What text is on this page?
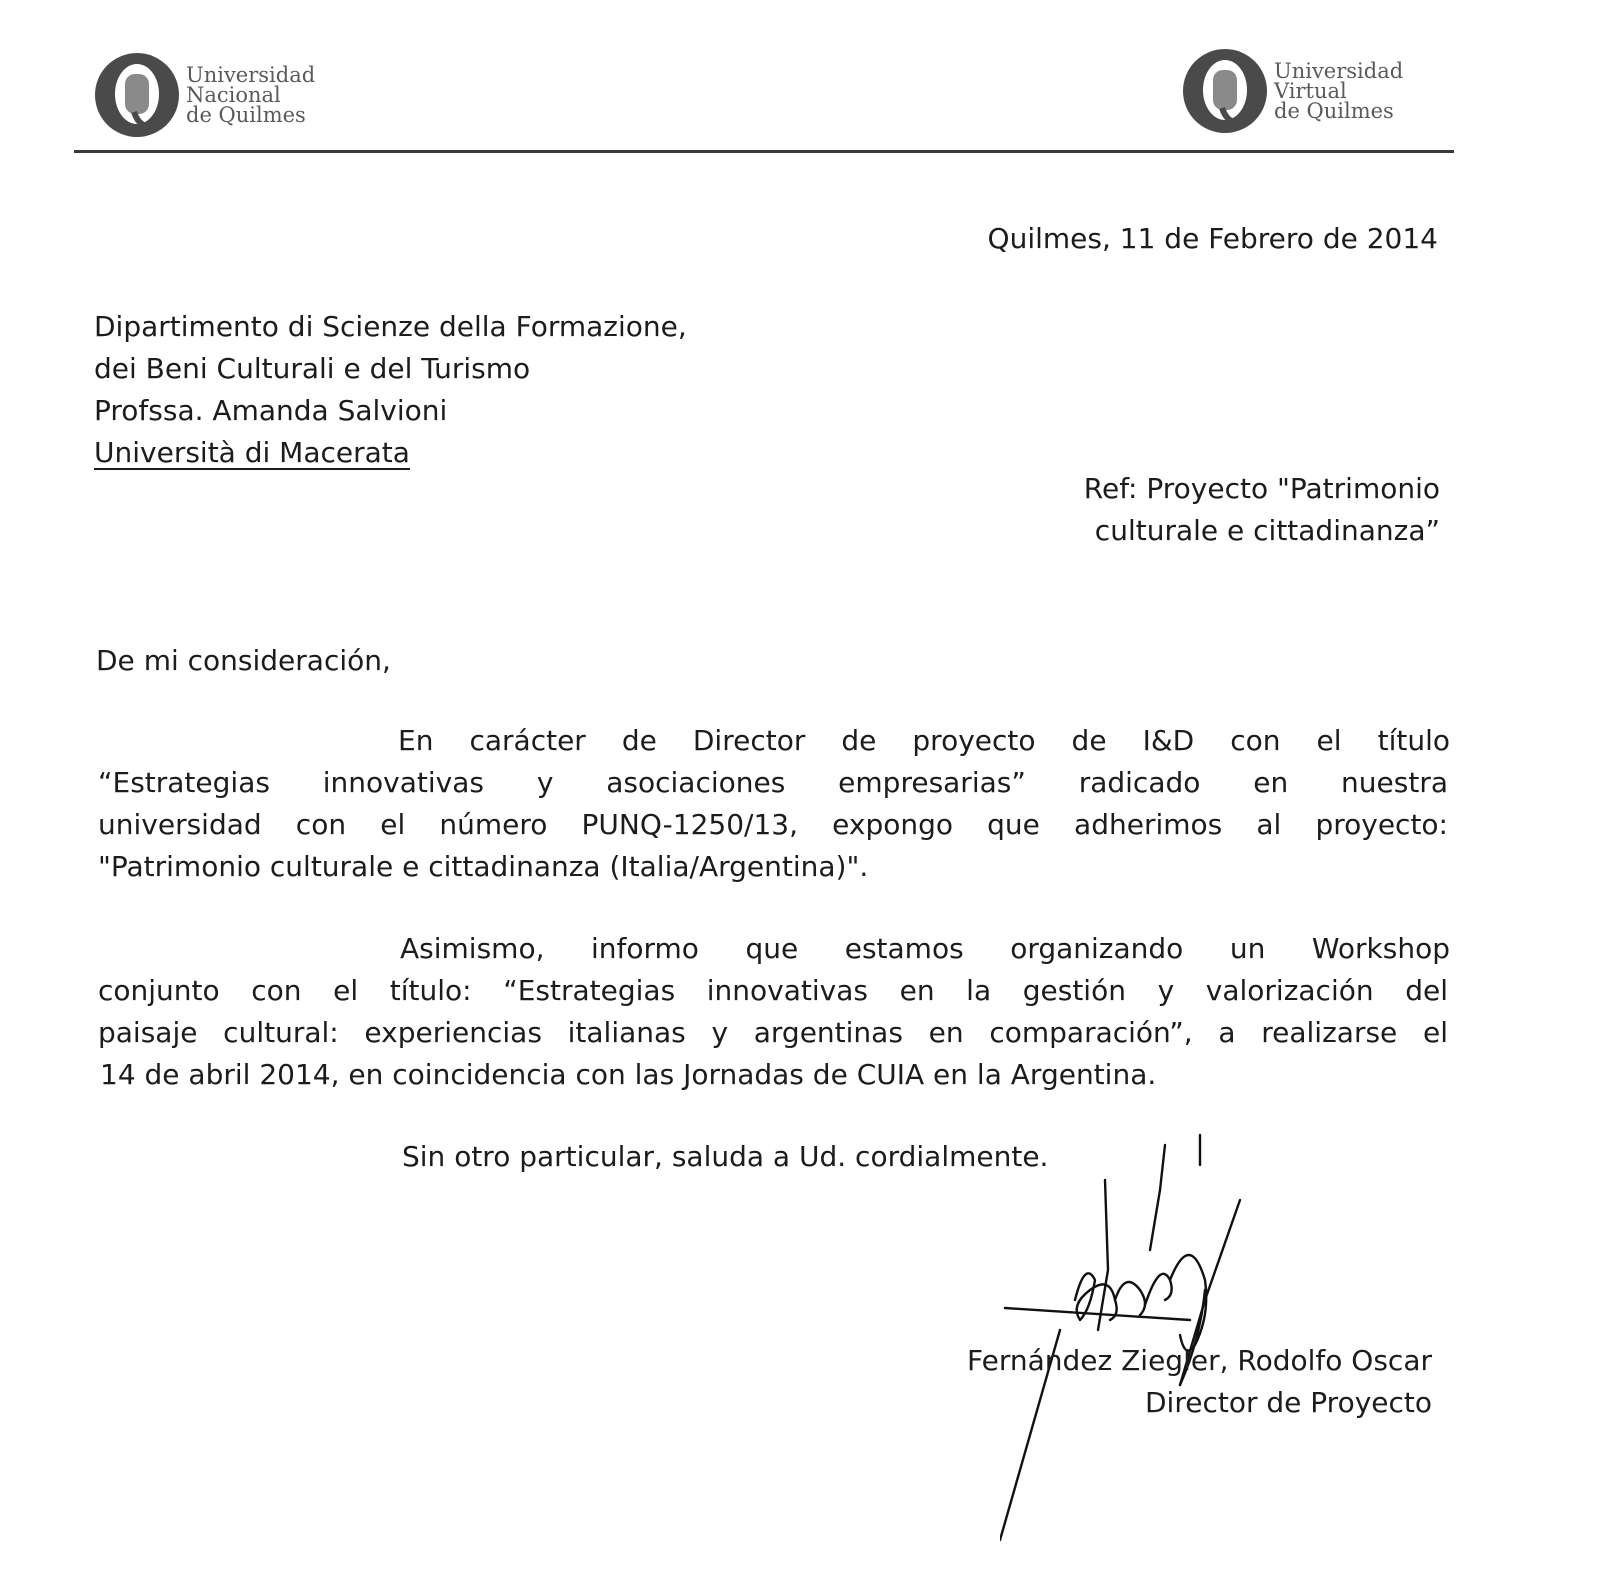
Universidad
Nacional
de Quilmes
Universidad
Virtual
de Quilmes
Quilmes, 11 de Febrero de 2014
Dipartimento di Scienze della Formazione,
dei Beni Culturali e del Turismo
Profssa. Amanda Salvioni
Università di Macerata
Ref: Proyecto "Patrimonio
culturale e cittadinanza”
De mi consideración,
En carácter de Director de proyecto de I&D con el título
“Estrategias innovativas y asociaciones empresarias” radicado en nuestra
universidad con el número PUNQ-1250/13, expongo que adherimos al proyecto:
"Patrimonio culturale e cittadinanza (Italia/Argentina)".
Asimismo, informo que estamos organizando un Workshop
conjunto con el título: “Estrategias innovativas en la gestión y valorización del
paisaje cultural: experiencias italianas y argentinas en comparación”, a realizarse el
14 de abril 2014, en coincidencia con las Jornadas de CUIA en la Argentina.
Sin otro particular, saluda a Ud. cordialmente.
Fernández Ziegler, Rodolfo Oscar
Director de Proyecto
